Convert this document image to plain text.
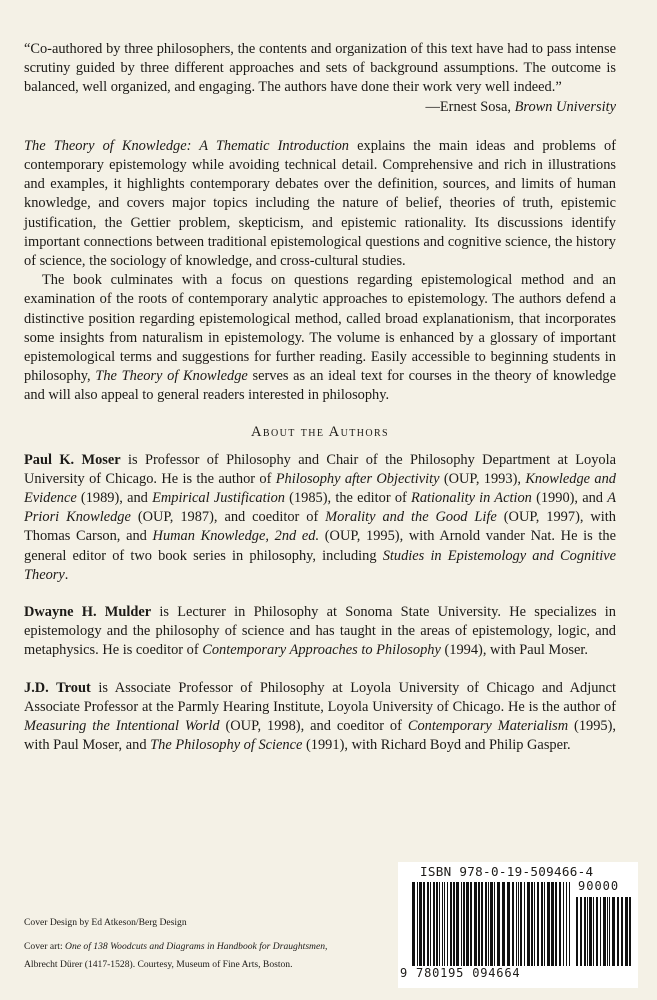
“Co-authored by three philosophers, the contents and organization of this text have had to pass intense scrutiny guided by three different approaches and sets of background assumptions. The outcome is balanced, well organized, and engaging. The authors have done their work very well indeed.”
—Ernest Sosa, Brown University

The Theory of Knowledge: A Thematic Introduction explains the main ideas and problems of contemporary epistemology while avoiding technical detail. Comprehensive and rich in illustrations and examples, it highlights contemporary debates over the definition, sources, and limits of human knowledge, and covers major topics including the nature of belief, theories of truth, epistemic justification, the Gettier problem, skepticism, and epistemic rationality. Its discussions identify important connections between traditional epistemological questions and cognitive science, the history of science, the sociology of knowledge, and cross-cultural studies.

The book culminates with a focus on questions regarding epistemological method and an examination of the roots of contemporary analytic approaches to epistemology. The authors defend a distinctive position regarding epistemological method, called broad explanationism, that incorporates some insights from naturalism in epistemology. The volume is enhanced by a glossary of important epistemological terms and suggestions for further reading. Easily accessible to beginning students in philosophy, The Theory of Knowledge serves as an ideal text for courses in the theory of knowledge and will also appeal to general readers interested in philosophy.

About the Authors

Paul K. Moser is Professor of Philosophy and Chair of the Philosophy Department at Loyola University of Chicago. He is the author of Philosophy after Objectivity (OUP, 1993), Knowledge and Evidence (1989), and Empirical Justification (1985), the editor of Rationality in Action (1990), and A Priori Knowledge (OUP, 1987), and coeditor of Morality and the Good Life (OUP, 1997), with Thomas Carson, and Human Knowledge, 2nd ed. (OUP, 1995), with Arnold vander Nat. He is the general editor of two book series in philosophy, including Studies in Epistemology and Cognitive Theory.

Dwayne H. Mulder is Lecturer in Philosophy at Sonoma State University. He specializes in epistemology and the philosophy of science and has taught in the areas of epistemology, logic, and metaphysics. He is coeditor of Contemporary Approaches to Philosophy (1994), with Paul Moser.

J.D. Trout is Associate Professor of Philosophy at Loyola University of Chicago and Adjunct Associate Professor at the Parmly Hearing Institute, Loyola University of Chicago. He is the author of Measuring the Intentional World (OUP, 1998), and coeditor of Contemporary Materialism (1995), with Paul Moser, and The Philosophy of Science (1991), with Richard Boyd and Philip Gasper.

Cover Design by Ed Atkeson/Berg Design
Cover art: One of 138 Woodcuts and Diagrams in Handbook for Draughtsmen,
Albrecht Dürer (1417-1528). Courtesy, Museum of Fine Arts, Boston.
ISBN 978-0-19-509466-4
90000
9 780195 094664
